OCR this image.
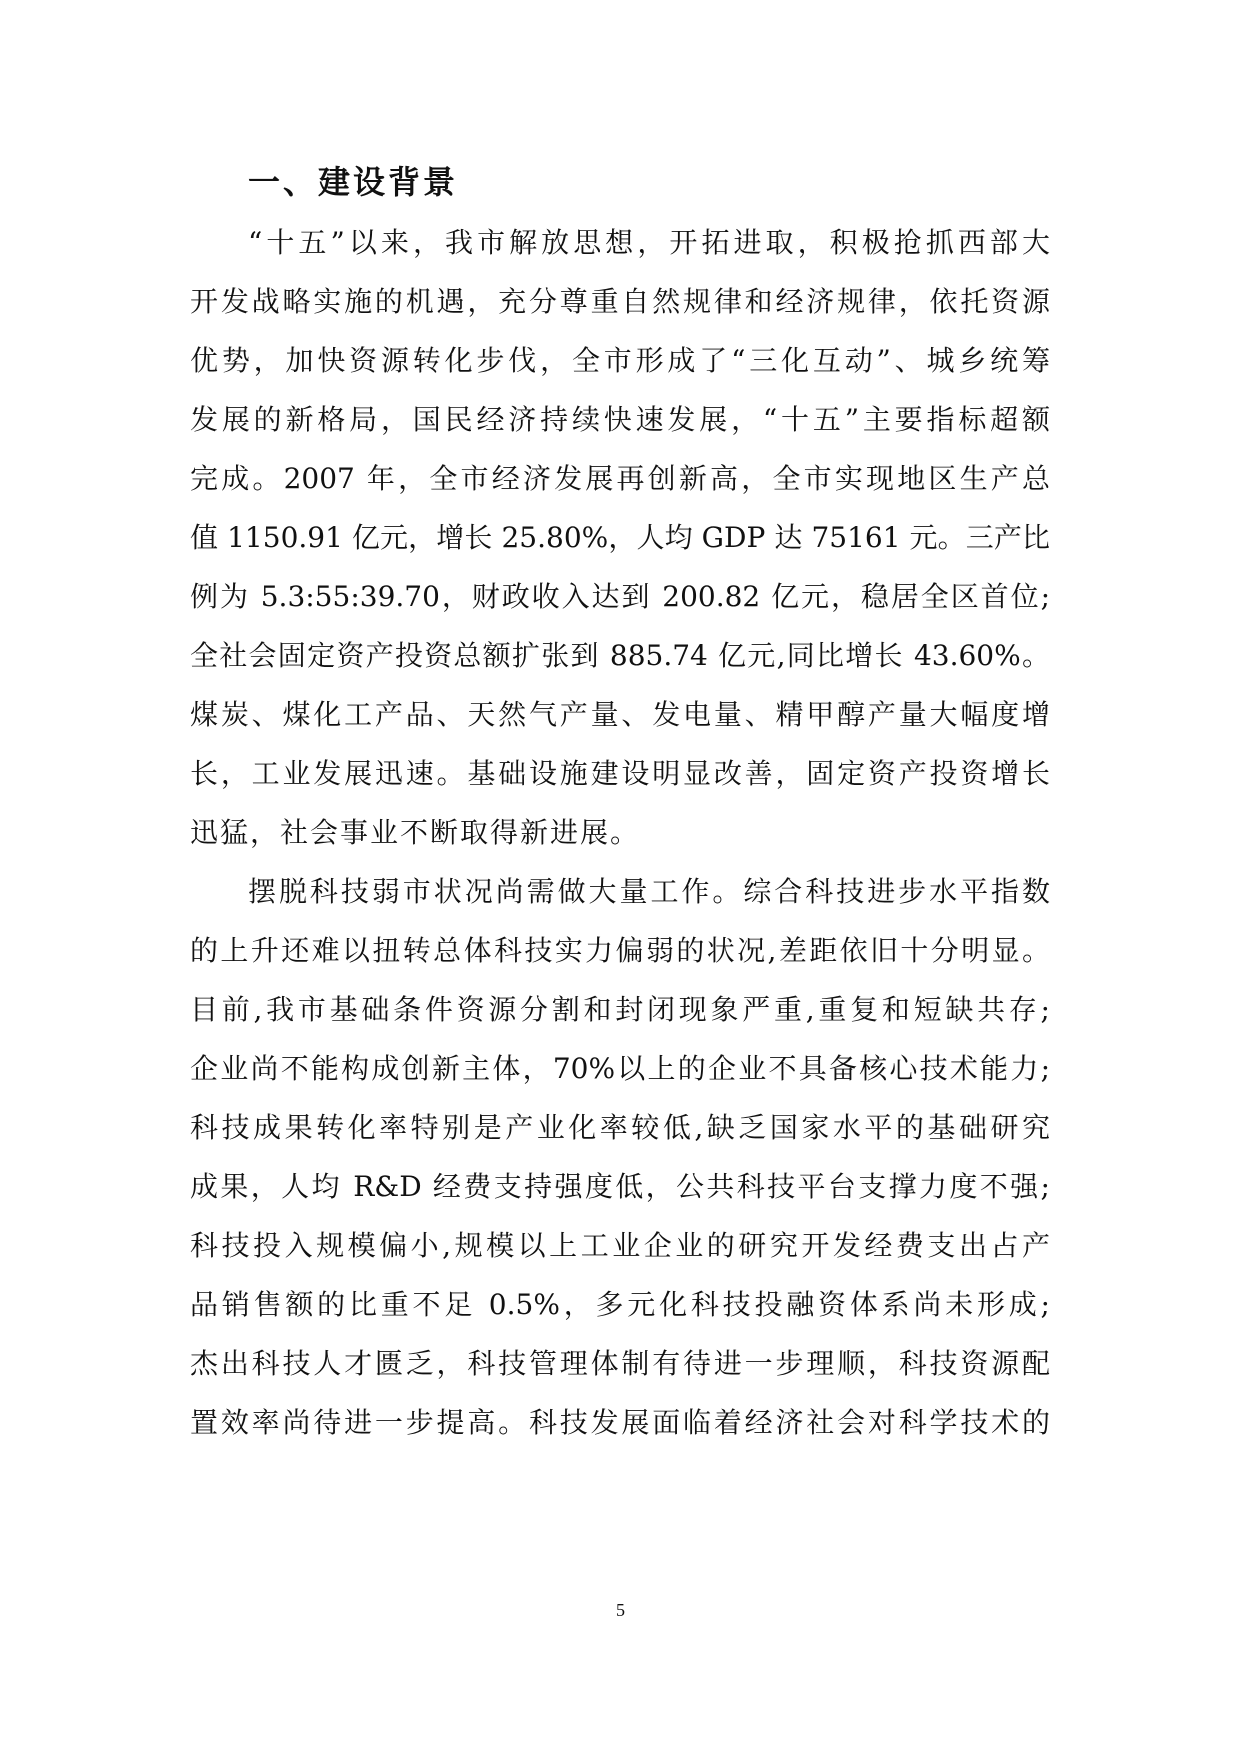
一、建设背景
“十五”以来，我市解放思想，开拓进取，积极抢抓西部大
开发战略实施的机遇，充分尊重自然规律和经济规律，依托资源
优势，加快资源转化步伐，全市形成了“三化互动”、城乡统筹
发展的新格局，国民经济持续快速发展，“十五”主要指标超额
完成。2007 年，全市经济发展再创新高，全市实现地区生产总
值 1150.91 亿元，增长 25.80%，人均 GDP 达 75161 元。三产比
例为 5.3:55:39.70，财政收入达到 200.82 亿元，稳居全区首位;
全社会固定资产投资总额扩张到 885.74 亿元,同比增长 43.60%。
煤炭、煤化工产品、天然气产量、发电量、精甲醇产量大幅度增
长，工业发展迅速。基础设施建设明显改善，固定资产投资增长
迅猛，社会事业不断取得新进展。
摆脱科技弱市状况尚需做大量工作。综合科技进步水平指数
的上升还难以扭转总体科技实力偏弱的状况,差距依旧十分明显。
目前,我市基础条件资源分割和封闭现象严重,重复和短缺共存;
企业尚不能构成创新主体，70%以上的企业不具备核心技术能力;
科技成果转化率特别是产业化率较低,缺乏国家水平的基础研究
成果，人均 R&D 经费支持强度低，公共科技平台支撑力度不强;
科技投入规模偏小,规模以上工业企业的研究开发经费支出占产
品销售额的比重不足 0.5%，多元化科技投融资体系尚未形成;
杰出科技人才匮乏，科技管理体制有待进一步理顺，科技资源配
置效率尚待进一步提高。科技发展面临着经济社会对科学技术的
5
